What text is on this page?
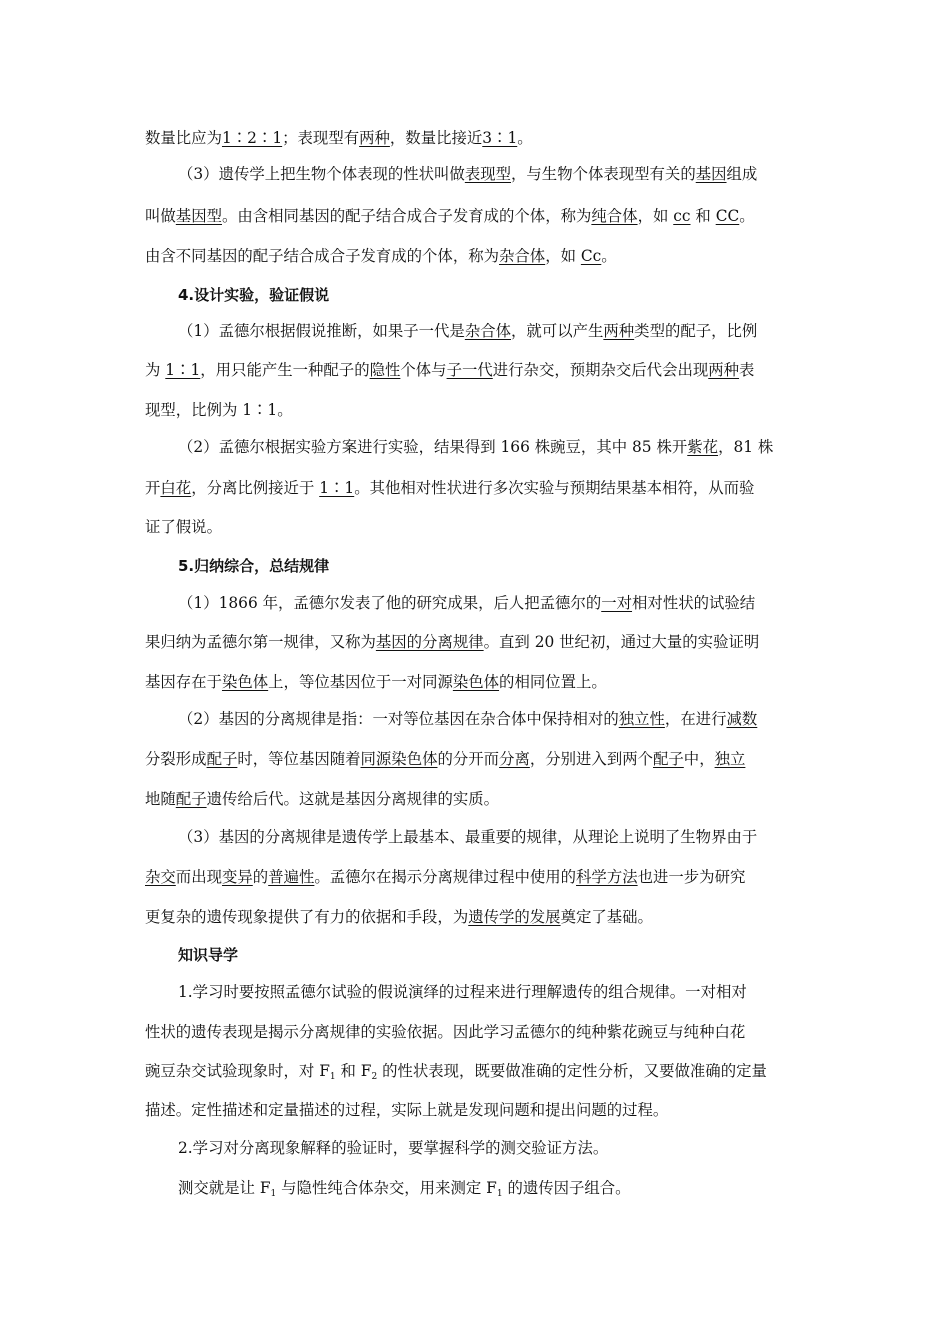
数量比应为1∶2∶1；表现型有两种，数量比接近3∶1。
（3）遗传学上把生物个体表现的性状叫做表现型，与生物个体表现型有关的基因组成
叫做基因型。由含相同基因的配子结合成合子发育成的个体，称为纯合体，如 cc 和 CC。
由含不同基因的配子结合成合子发育成的个体，称为杂合体，如 Cc。
4.设计实验，验证假说
（1）孟德尔根据假说推断，如果子一代是杂合体，就可以产生两种类型的配子，比例
为 1∶1，用只能产生一种配子的隐性个体与子一代进行杂交，预期杂交后代会出现两种表
现型，比例为 1∶1。
（2）孟德尔根据实验方案进行实验，结果得到 166 株豌豆，其中 85 株开紫花，81 株
开白花，分离比例接近于 1∶1。其他相对性状进行多次实验与预期结果基本相符，从而验
证了假说。
5.归纳综合，总结规律
（1）1866 年，孟德尔发表了他的研究成果，后人把孟德尔的一对相对性状的试验结
果归纳为孟德尔第一规律，又称为基因的分离规律。直到 20 世纪初，通过大量的实验证明
基因存在于染色体上，等位基因位于一对同源染色体的相同位置上。
（2）基因的分离规律是指：一对等位基因在杂合体中保持相对的独立性，在进行减数
分裂形成配子时，等位基因随着同源染色体的分开而分离，分别进入到两个配子中，独立
地随配子遗传给后代。这就是基因分离规律的实质。
（3）基因的分离规律是遗传学上最基本、最重要的规律，从理论上说明了生物界由于
杂交而出现变异的普遍性。孟德尔在揭示分离规律过程中使用的科学方法也进一步为研究
更复杂的遗传现象提供了有力的依据和手段，为遗传学的发展奠定了基础。
知识导学
1.学习时要按照孟德尔试验的假说演绎的过程来进行理解遗传的组合规律。一对相对
性状的遗传表现是揭示分离规律的实验依据。因此学习孟德尔的纯种紫花豌豆与纯种白花
豌豆杂交试验现象时，对 $F_1$ 和 $F_2$ 的性状表现，既要做准确的定性分析，又要做准确的定量
描述。定性描述和定量描述的过程，实际上就是发现问题和提出问题的过程。
2.学习对分离现象解释的验证时，要掌握科学的测交验证方法。
测交就是让 $F_1$ 与隐性纯合体杂交，用来测定 $F_1$ 的遗传因子组合。
